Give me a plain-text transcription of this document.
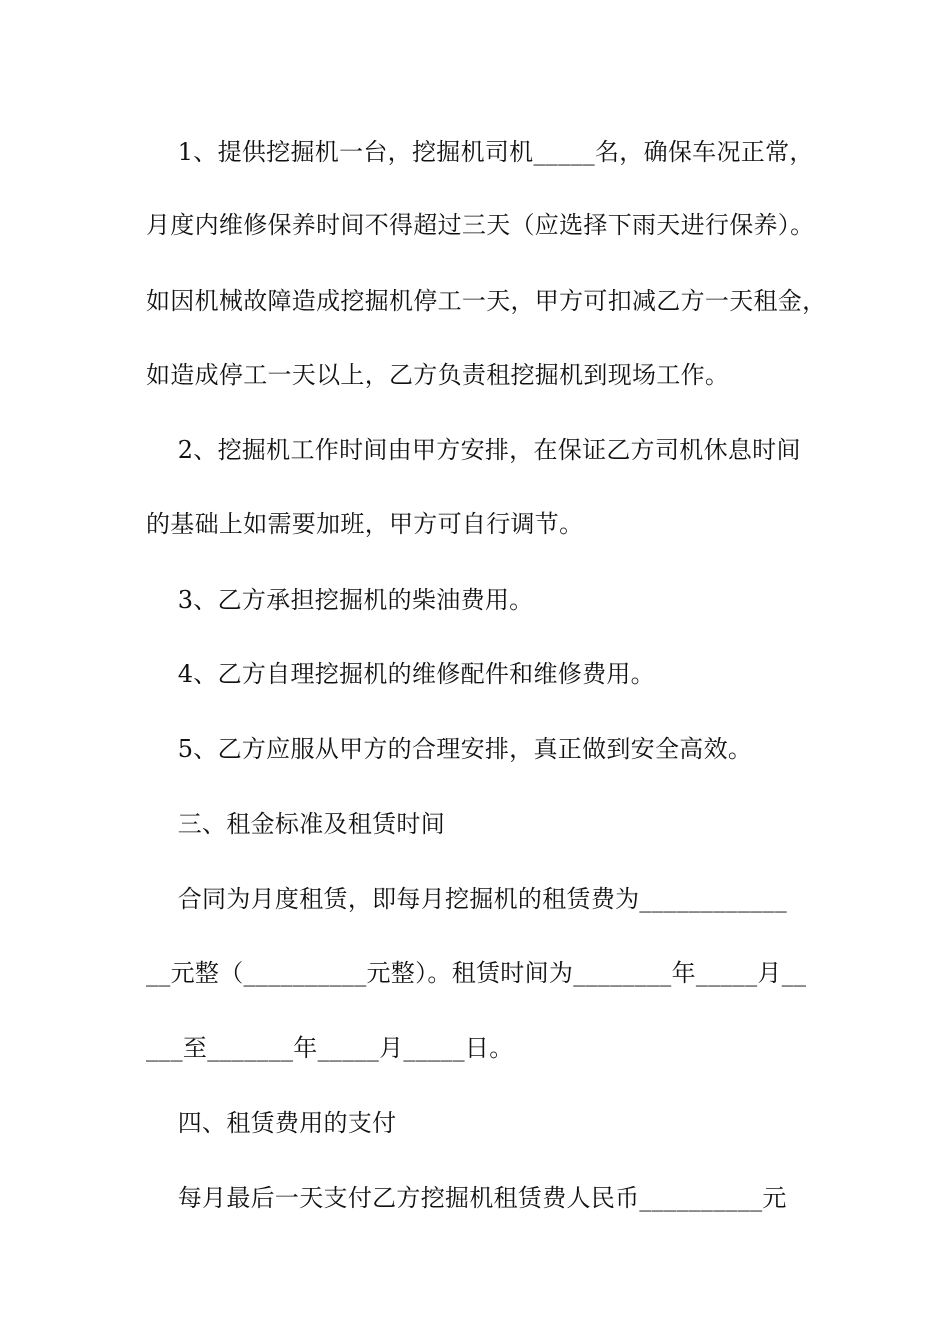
1、提供挖掘机一台，挖掘机司机_____名，确保车况正常，

月度内维修保养时间不得超过三天（应选择下雨天进行保养）。

如因机械故障造成挖掘机停工一天，甲方可扣减乙方一天租金，

如造成停工一天以上，乙方负责租挖掘机到现场工作。

2、挖掘机工作时间由甲方安排，在保证乙方司机休息时间

的基础上如需要加班，甲方可自行调节。

3、乙方承担挖掘机的柴油费用。

4、乙方自理挖掘机的维修配件和维修费用。

5、乙方应服从甲方的合理安排，真正做到安全高效。

三、租金标准及租赁时间

合同为月度租赁，即每月挖掘机的租赁费为____________

__元整（__________元整）。租赁时间为________年_____月__

___至_______年_____月_____日。

四、租赁费用的支付

每月最后一天支付乙方挖掘机租赁费人民币__________元
